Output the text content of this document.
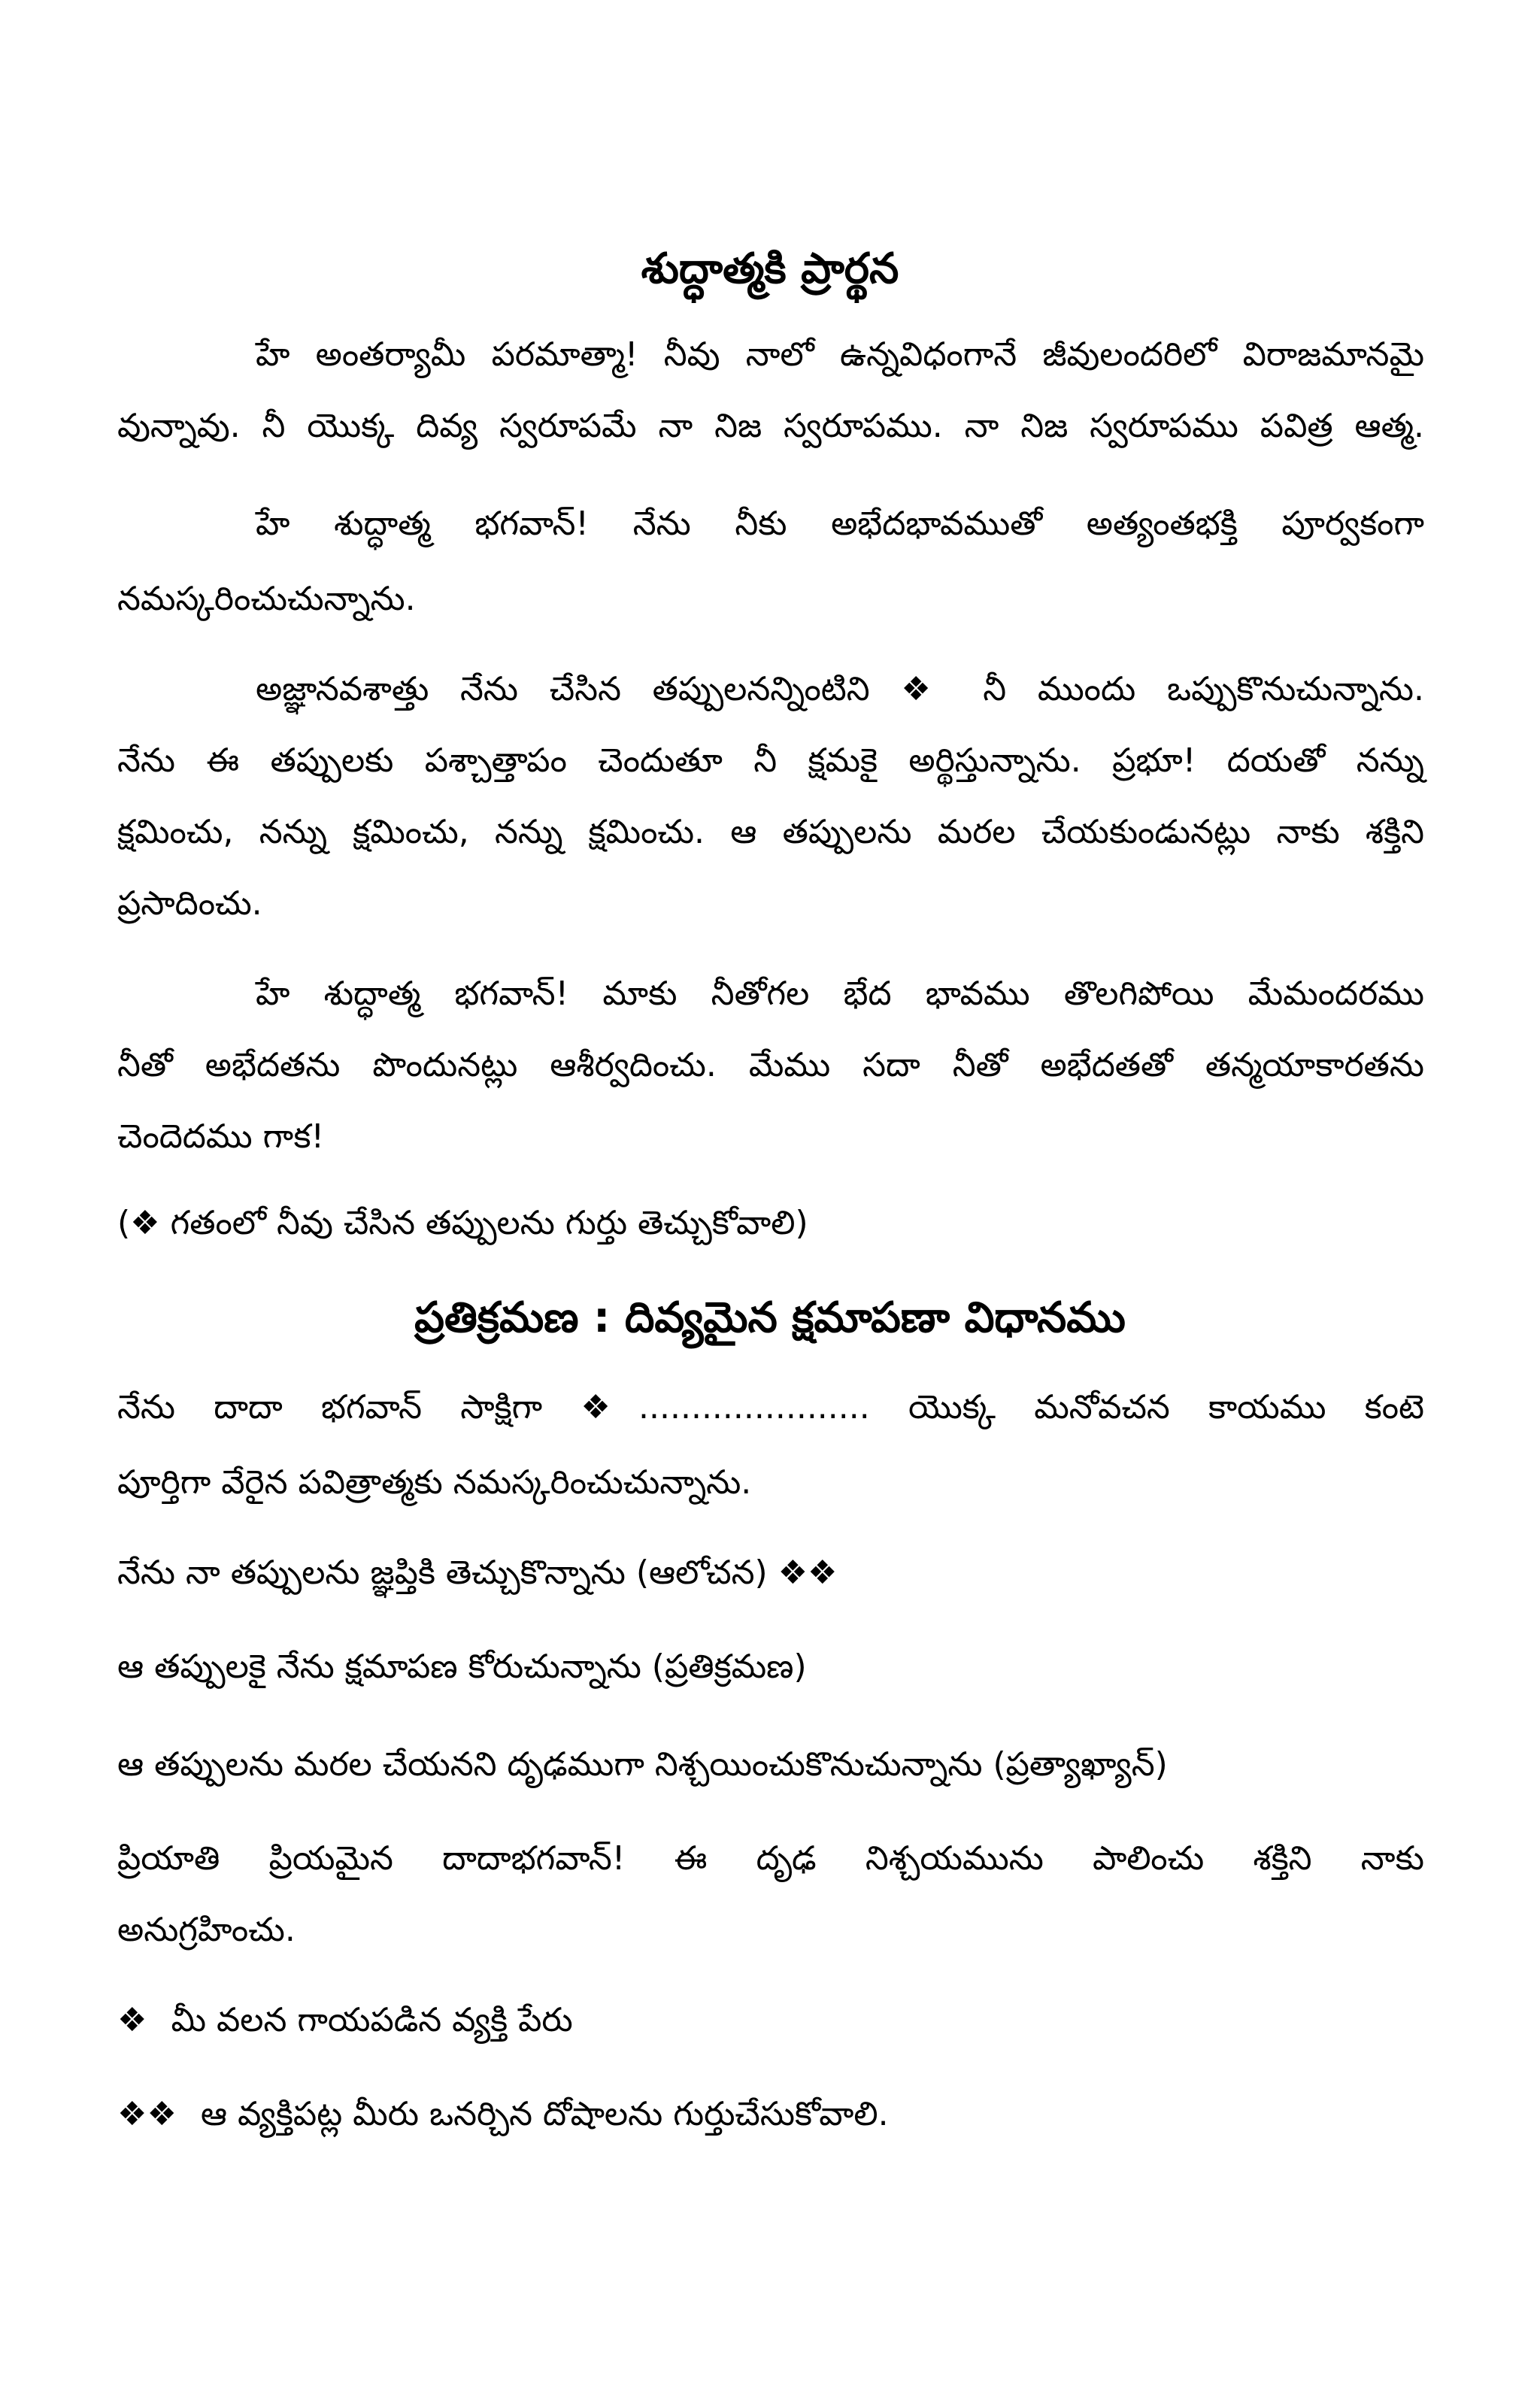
శుద్ధాత్మకి ప్రార్థన
హే అంతర్యామీ పరమాత్మా! నీవు నాలో ఉన్నవిధంగానే జీవులందరిలో విరాజమానమై
వున్నావు. నీ యొక్క దివ్య స్వరూపమే నా నిజ స్వరూపము. నా నిజ స్వరూపము పవిత్ర ఆత్మ.
హే శుద్ధాత్మ భగవాన్! నేను నీకు అభేదభావముతో అత్యంతభక్తి పూర్వకంగా
నమస్కరించుచున్నాను.
అజ్ఞానవశాత్తు నేను చేసిన తప్పులనన్నింటిని ❖ నీ ముందు ఒప్పుకొనుచున్నాను.
నేను ఈ తప్పులకు పశ్చాత్తాపం చెందుతూ నీ క్షమకై అర్థిస్తున్నాను. ప్రభూ! దయతో నన్ను
క్షమించు, నన్ను క్షమించు, నన్ను క్షమించు. ఆ తప్పులను మరల చేయకుండునట్లు నాకు శక్తిని
ప్రసాదించు.
హే శుద్ధాత్మ భగవాన్! మాకు నీతోగల భేద భావము తొలగిపోయి మేమందరము
నీతో అభేదతను పొందునట్లు ఆశీర్వదించు. మేము సదా నీతో అభేదతతో తన్మయాకారతను
చెందెదము గాక!
(❖ గతంలో నీవు చేసిన తప్పులను గుర్తు తెచ్చుకోవాలి)
ప్రతిక్రమణ : దివ్యమైన క్షమాపణా విధానము
నేను దాదా భగవాన్ సాక్షిగా ❖...................... యొక్క మనోవచన కాయము కంటె
పూర్తిగా వేరైన పవిత్రాత్మకు నమస్కరించుచున్నాను.
నేను నా తప్పులను జ్ఞప్తికి తెచ్చుకొన్నాను (ఆలోచన) ❖❖
ఆ తప్పులకై నేను క్షమాపణ కోరుచున్నాను (ప్రతిక్రమణ)
ఆ తప్పులను మరల చేయనని దృఢముగా నిశ్చయించుకొనుచున్నాను (ప్రత్యాఖ్యాన్)
ప్రియాతి ప్రియమైన దాదాభగవాన్! ఈ దృఢ నిశ్చయమును పాలించు శక్తిని నాకు
అనుగ్రహించు.
❖ మీ వలన గాయపడిన వ్యక్తి పేరు
❖❖ ఆ వ్యక్తిపట్ల మీరు ఒనర్చిన దోషాలను గుర్తుచేసుకోవాలి.
